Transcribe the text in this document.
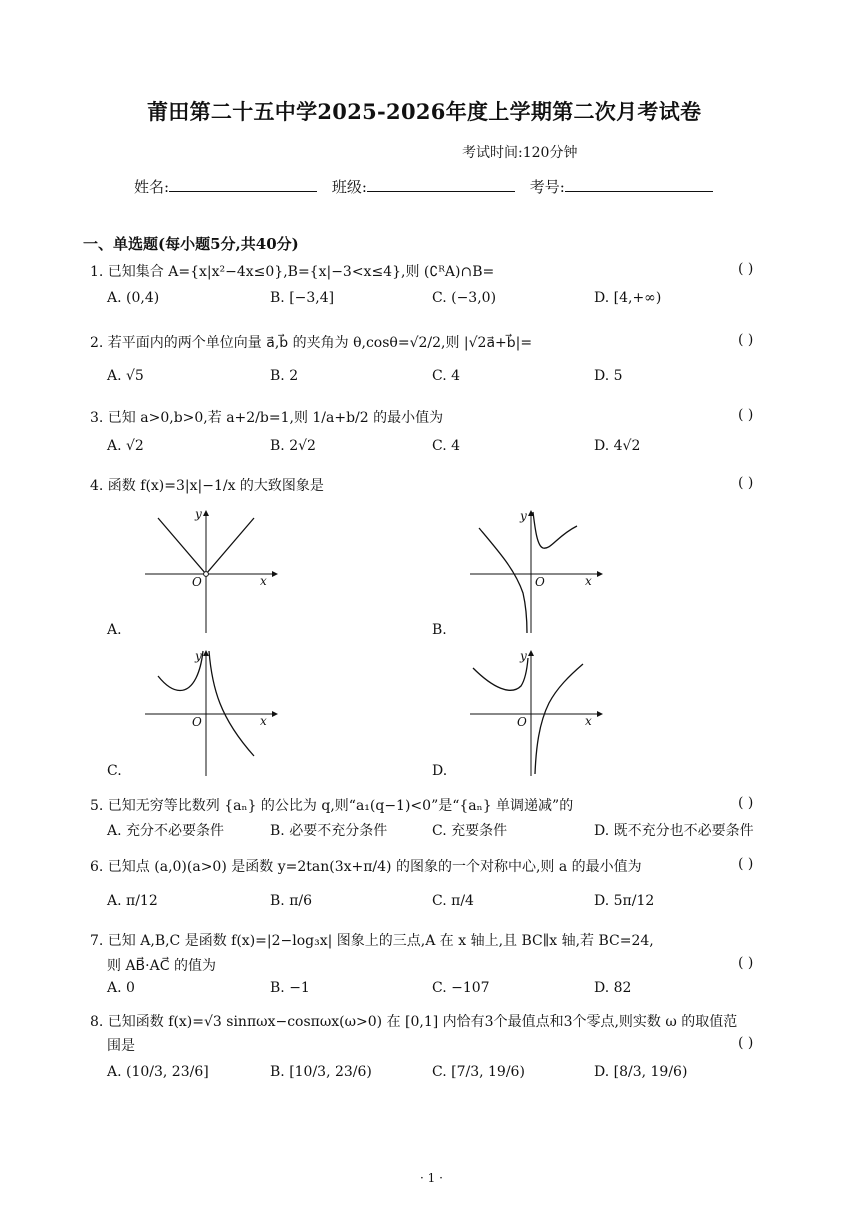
莆田第二十五中学2025-2026年度上学期第二次月考试卷
考试时间:120分钟
姓名:	班级:	考号:
一、单选题(每小题5分,共40分)
1. 已知集合 A={x|x²−4x≤0},B={x|−3<x≤4},则 (∁ᴿA)∩B=	( )
A. (0,4)	B. [−3,4]	C. (−3,0)	D. [4,+∞)
2. 若平面内的两个单位向量 a⃗,b⃗ 的夹角为 θ,cosθ=√2/2,则 |√2a⃗+b⃗|=	( )
A. √5	B. 2	C. 4	D. 5
3. 已知 a>0,b>0,若 a+2/b=1,则 1/a+b/2 的最小值为	( )
A. √2	B. 2√2	C. 4	D. 4√2
4. 函数 f(x)=3|x|−1/x 的大致图象是	( )
y
x
O
A.
y
x
O
B.
y
x
O
C.
y
x
O
D.
5. 已知无穷等比数列 {aₙ} 的公比为 q,则“a₁(q−1)<0”是“{aₙ} 单调递减”的	( )
A. 充分不必要条件	B. 必要不充分条件	C. 充要条件	D. 既不充分也不必要条件
6. 已知点 (a,0)(a>0) 是函数 y=2tan(3x+π/4) 的图象的一个对称中心,则 a 的最小值为	( )
A. π/12	B. π/6	C. π/4	D. 5π/12
7. 已知 A,B,C 是函数 f(x)=|2−log₃x| 图象上的三点,A 在 x 轴上,且 BC∥x 轴,若 BC=24,
则 AB⃗·AC⃗ 的值为	( )
A. 0	B. −1	C. −107	D. 82
8. 已知函数 f(x)=√3 sinπωx−cosπωx(ω>0) 在 [0,1] 内恰有3个最值点和3个零点,则实数 ω 的取值范
围是	( )
A. (10/3, 23/6]	B. [10/3, 23/6)	C. [7/3, 19/6)	D. [8/3, 19/6)
· 1 ·
